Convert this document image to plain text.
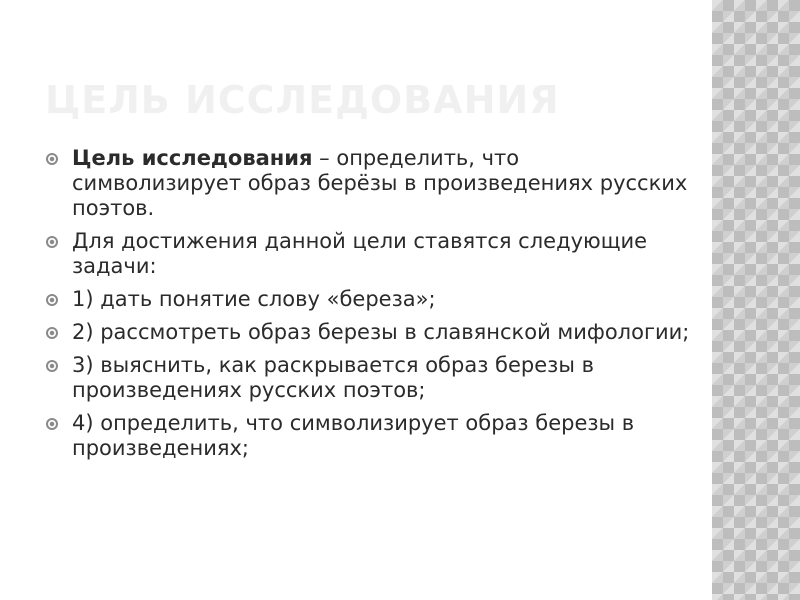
ЦЕЛЬ ИССЛЕДОВАНИЯ
Цель исследования – определить, что символизирует образ берёзы в произведениях русских поэтов.
Для достижения данной цели ставятся следующие задачи:
1) дать понятие слову «береза»;
2) рассмотреть образ березы в славянской мифологии;
3) выяснить, как раскрывается образ березы в произведениях русских поэтов;
4) определить, что символизирует образ березы в произведениях;
